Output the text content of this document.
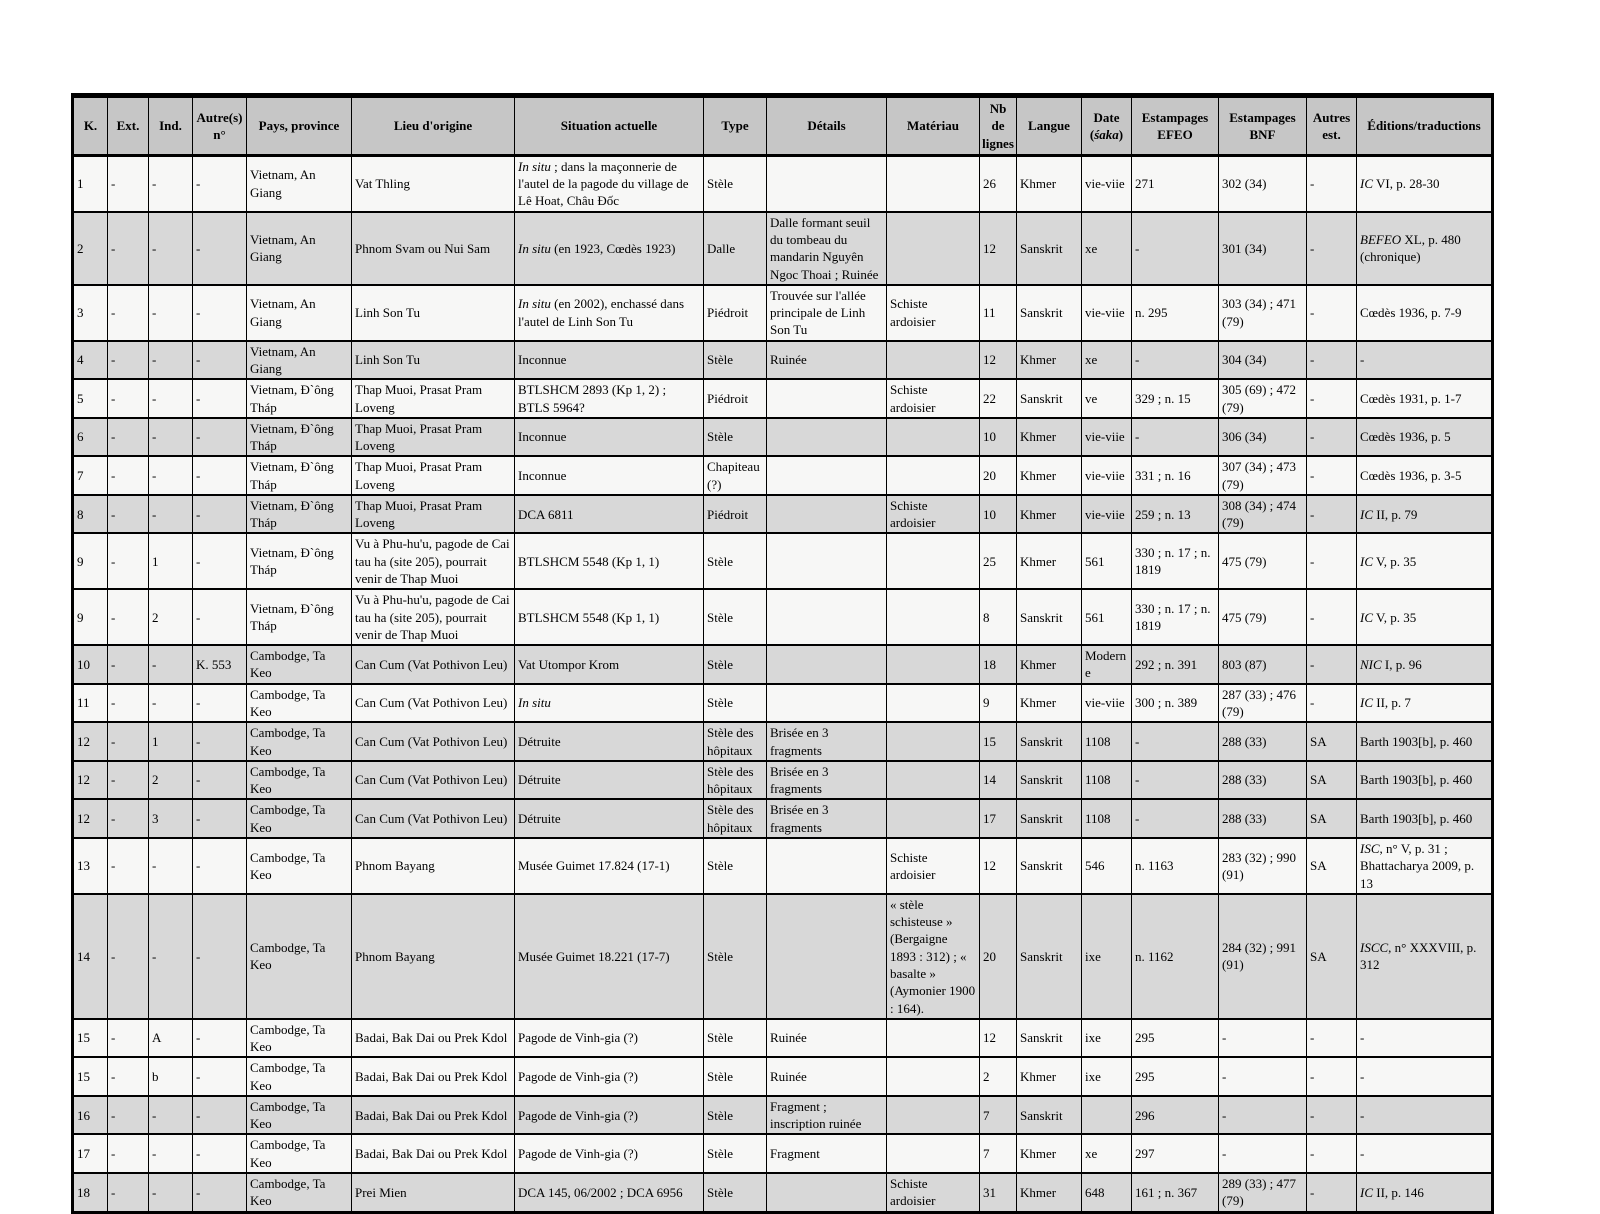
K.	Ext.	Ind.	Autre(s) n°	Pays, province	Lieu d'origine	Situation actuelle	Type	Détails	Matériau	Nb de lignes	Langue	Date (śaka)	Estampages EFEO	Estampages BNF	Autres est.	Éditions/traductions
1	-	-	-	Vietnam, An Giang	Vat Thling	In situ ; dans la maçonnerie de l'autel de la pagode du village de Lê Hoat, Châu Đốc	Stèle			26	Khmer	vie-viie	271	302 (34)	-	IC VI, p. 28-30
2	-	-	-	Vietnam, An Giang	Phnom Svam ou Nui Sam	In situ (en 1923, Cœdès 1923)	Dalle	Dalle formant seuil du tombeau du mandarin Nguyên Ngoc Thoai ; Ruinée		12	Sanskrit	xe	-	301 (34)	-	BEFEO XL, p. 480 (chronique)
3	-	-	-	Vietnam, An Giang	Linh Son Tu	In situ (en 2002), enchassé dans l'autel de Linh Son Tu	Piédroit	Trouvée sur l'allée principale de Linh Son Tu	Schiste ardoisier	11	Sanskrit	vie-viie	n. 295	303 (34) ; 471 (79)	-	Cœdès 1936, p. 7-9
4	-	-	-	Vietnam, An Giang	Linh Son Tu	Inconnue	Stèle	Ruinée		12	Khmer	xe	-	304 (34)	-	-
5	-	-	-	Vietnam, Đ`ông Tháp	Thap Muoi, Prasat Pram Loveng	BTLSHCM 2893 (Kp 1, 2) ; BTLS 5964?	Piédroit		Schiste ardoisier	22	Sanskrit	ve	329 ; n. 15	305 (69) ; 472 (79)	-	Cœdès 1931, p. 1-7
6	-	-	-	Vietnam, Đ`ông Tháp	Thap Muoi, Prasat Pram Loveng	Inconnue	Stèle			10	Khmer	vie-viie	-	306 (34)	-	Cœdès 1936, p. 5
7	-	-	-	Vietnam, Đ`ông Tháp	Thap Muoi, Prasat Pram Loveng	Inconnue	Chapiteau (?)			20	Khmer	vie-viie	331 ; n. 16	307 (34) ; 473 (79)	-	Cœdès 1936, p. 3-5
8	-	-	-	Vietnam, Đ`ông Tháp	Thap Muoi, Prasat Pram Loveng	DCA 6811	Piédroit		Schiste ardoisier	10	Khmer	vie-viie	259 ; n. 13	308 (34) ; 474 (79)	-	IC II, p. 79
9	-	1	-	Vietnam, Đ`ông Tháp	Vu à Phu-hu'u, pagode de Cai tau ha (site 205), pourrait venir de Thap Muoi	BTLSHCM 5548 (Kp 1, 1)	Stèle			25	Khmer	561	330 ; n. 17 ; n. 1819	475 (79)	-	IC V, p. 35
9	-	2	-	Vietnam, Đ`ông Tháp	Vu à Phu-hu'u, pagode de Cai tau ha (site 205), pourrait venir de Thap Muoi	BTLSHCM 5548 (Kp 1, 1)	Stèle			8	Sanskrit	561	330 ; n. 17 ; n. 1819	475 (79)	-	IC V, p. 35
10	-	-	K. 553	Cambodge, Ta Keo	Can Cum (Vat Pothivon Leu)	Vat Utompor Krom	Stèle			18	Khmer	Moderne	292 ; n. 391	803 (87)	-	NIC I, p. 96
11	-	-	-	Cambodge, Ta Keo	Can Cum (Vat Pothivon Leu)	In situ	Stèle			9	Khmer	vie-viie	300 ; n. 389	287 (33) ; 476 (79)	-	IC II, p. 7
12	-	1	-	Cambodge, Ta Keo	Can Cum (Vat Pothivon Leu)	Détruite	Stèle des hôpitaux	Brisée en 3 fragments		15	Sanskrit	1108	-	288 (33)	SA	Barth 1903[b], p. 460
12	-	2	-	Cambodge, Ta Keo	Can Cum (Vat Pothivon Leu)	Détruite	Stèle des hôpitaux	Brisée en 3 fragments		14	Sanskrit	1108	-	288 (33)	SA	Barth 1903[b], p. 460
12	-	3	-	Cambodge, Ta Keo	Can Cum (Vat Pothivon Leu)	Détruite	Stèle des hôpitaux	Brisée en 3 fragments		17	Sanskrit	1108	-	288 (33)	SA	Barth 1903[b], p. 460
13	-	-	-	Cambodge, Ta Keo	Phnom Bayang	Musée Guimet 17.824 (17-1)	Stèle		Schiste ardoisier	12	Sanskrit	546	n. 1163	283 (32) ; 990 (91)	SA	ISC, n° V, p. 31 ; Bhattacharya 2009, p. 13
14	-	-	-	Cambodge, Ta Keo	Phnom Bayang	Musée Guimet 18.221 (17-7)	Stèle		« stèle schisteuse » (Bergaigne 1893 : 312) ; « basalte » (Aymonier 1900 : 164).	20	Sanskrit	ixe	n. 1162	284 (32) ; 991 (91)	SA	ISCC, n° XXXVIII, p. 312
15	-	A	-	Cambodge, Ta Keo	Badai, Bak Dai ou Prek Kdol	Pagode de Vinh-gia (?)	Stèle	Ruinée		12	Sanskrit	ixe	295	-	-	-
15	-	b	-	Cambodge, Ta Keo	Badai, Bak Dai ou Prek Kdol	Pagode de Vinh-gia (?)	Stèle	Ruinée		2	Khmer	ixe	295	-	-	-
16	-	-	-	Cambodge, Ta Keo	Badai, Bak Dai ou Prek Kdol	Pagode de Vinh-gia (?)	Stèle	Fragment ; inscription ruinée		7	Sanskrit		296	-	-	-
17	-	-	-	Cambodge, Ta Keo	Badai, Bak Dai ou Prek Kdol	Pagode de Vinh-gia (?)	Stèle	Fragment		7	Khmer	xe	297	-	-	-
18	-	-	-	Cambodge, Ta Keo	Prei Mien	DCA 145, 06/2002 ; DCA 6956	Stèle		Schiste ardoisier	31	Khmer	648	161 ; n. 367	289 (33) ; 477 (79)	-	IC II, p. 146
